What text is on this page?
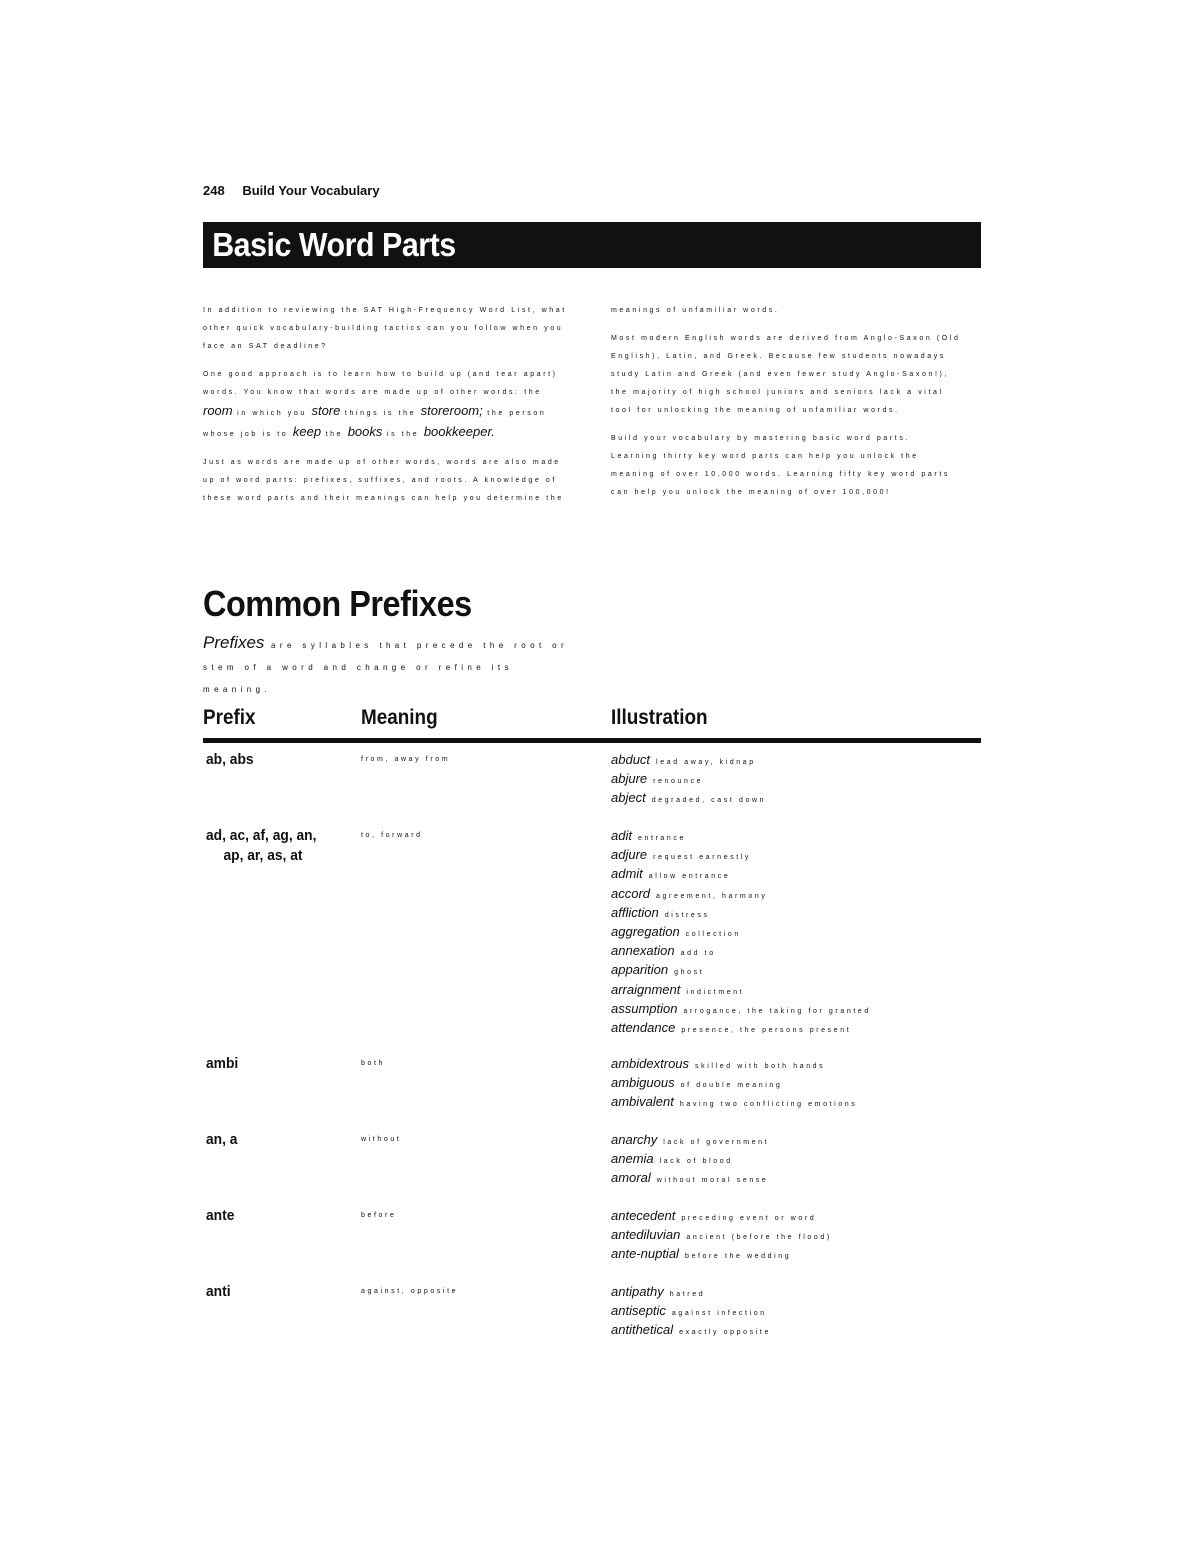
248 Build Your Vocabulary
Basic Word Parts

In addition to reviewing the SAT High-Frequency Word List, what other quick vocabulary-building tactics can you follow when you face an SAT deadline?

One good approach is to learn how to build up (and tear apart) words. You know that words are made up of other words: the room in which you store things is the storeroom; the person whose job is to keep the books is the bookkeeper.

Just as words are made up of other words, words are also made up of word parts: prefixes, suffixes, and roots. A knowledge of these word parts and their meanings can help you determine the

meanings of unfamiliar words.

Most modern English words are derived from Anglo-Saxon (Old English), Latin, and Greek. Because few students nowadays study Latin and Greek (and even fewer study Anglo-Saxon!), the majority of high school juniors and seniors lack a vital tool for unlocking the meaning of unfamiliar words.

Build your vocabulary by mastering basic word parts. Learning thirty key word parts can help you unlock the meaning of over 10,000 words. Learning fifty key word parts can help you unlock the meaning of over 100,000!

Common Prefixes
Prefixes are syllables that precede the root or stem of a word and change or refine its meaning.
Prefix	Meaning	Illustration
ab, abs	from, away from	abduct lead away, kidnap
abjure renounce
abject degraded, cast down
ad, ac, af, ag, an,
ap, ar, as, at
to, forward	adit entrance
adjure request earnestly
admit allow entrance
accord agreement, harmony
affliction distress
aggregation collection
annexation add to
apparition ghost
arraignment indictment
assumption arrogance, the taking for granted
attendance presence, the persons present
ambi	both	ambidextrous skilled with both hands
ambiguous of double meaning
ambivalent having two conflicting emotions
an, a	without	anarchy lack of government
anemia lack of blood
amoral without moral sense
ante	before	antecedent preceding event or word
antediluvian ancient (before the flood)
ante-nuptial before the wedding
anti	against, opposite	antipathy hatred
antiseptic against infection
antithetical exactly opposite
